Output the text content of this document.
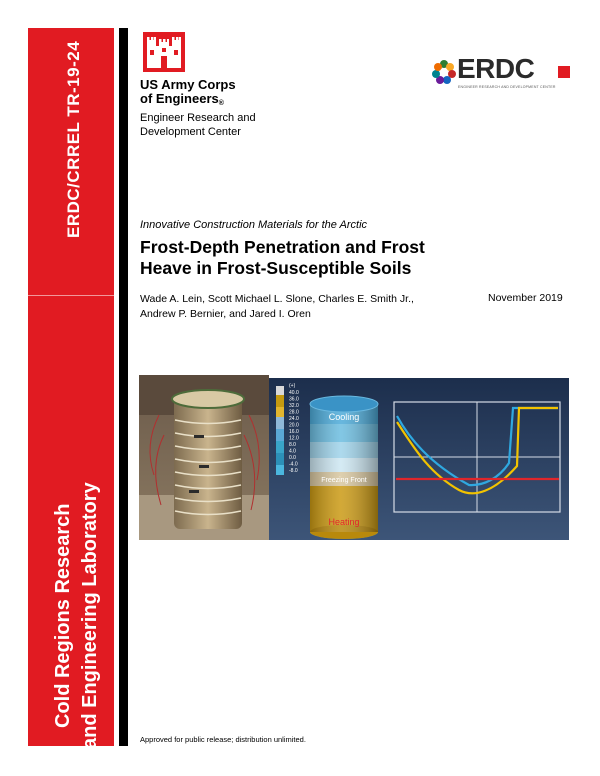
ERDC/CRREL TR-19-24
Cold Regions Research and Engineering Laboratory
US Army Corps
of Engineers®
Engineer Research and
Development Center
ERDC
ENGINEER RESEARCH AND DEVELOPMENT CENTER
Innovative Construction Materials for the Arctic
Frost-Depth Penetration and Frost
Heave in Frost-Susceptible Soils
Wade A. Lein, Scott Michael L. Slone, Charles E. Smith Jr.,
Andrew P. Bernier, and Jared I. Oren
November 2019
(+)
40.0
36.0
32.0
28.0
24.0
20.0
16.0
12.0
8.0
4.0
0.0
-4.0
-8.0
Cooling
Freezing Front
Heating
Approved for public release; distribution unlimited.
